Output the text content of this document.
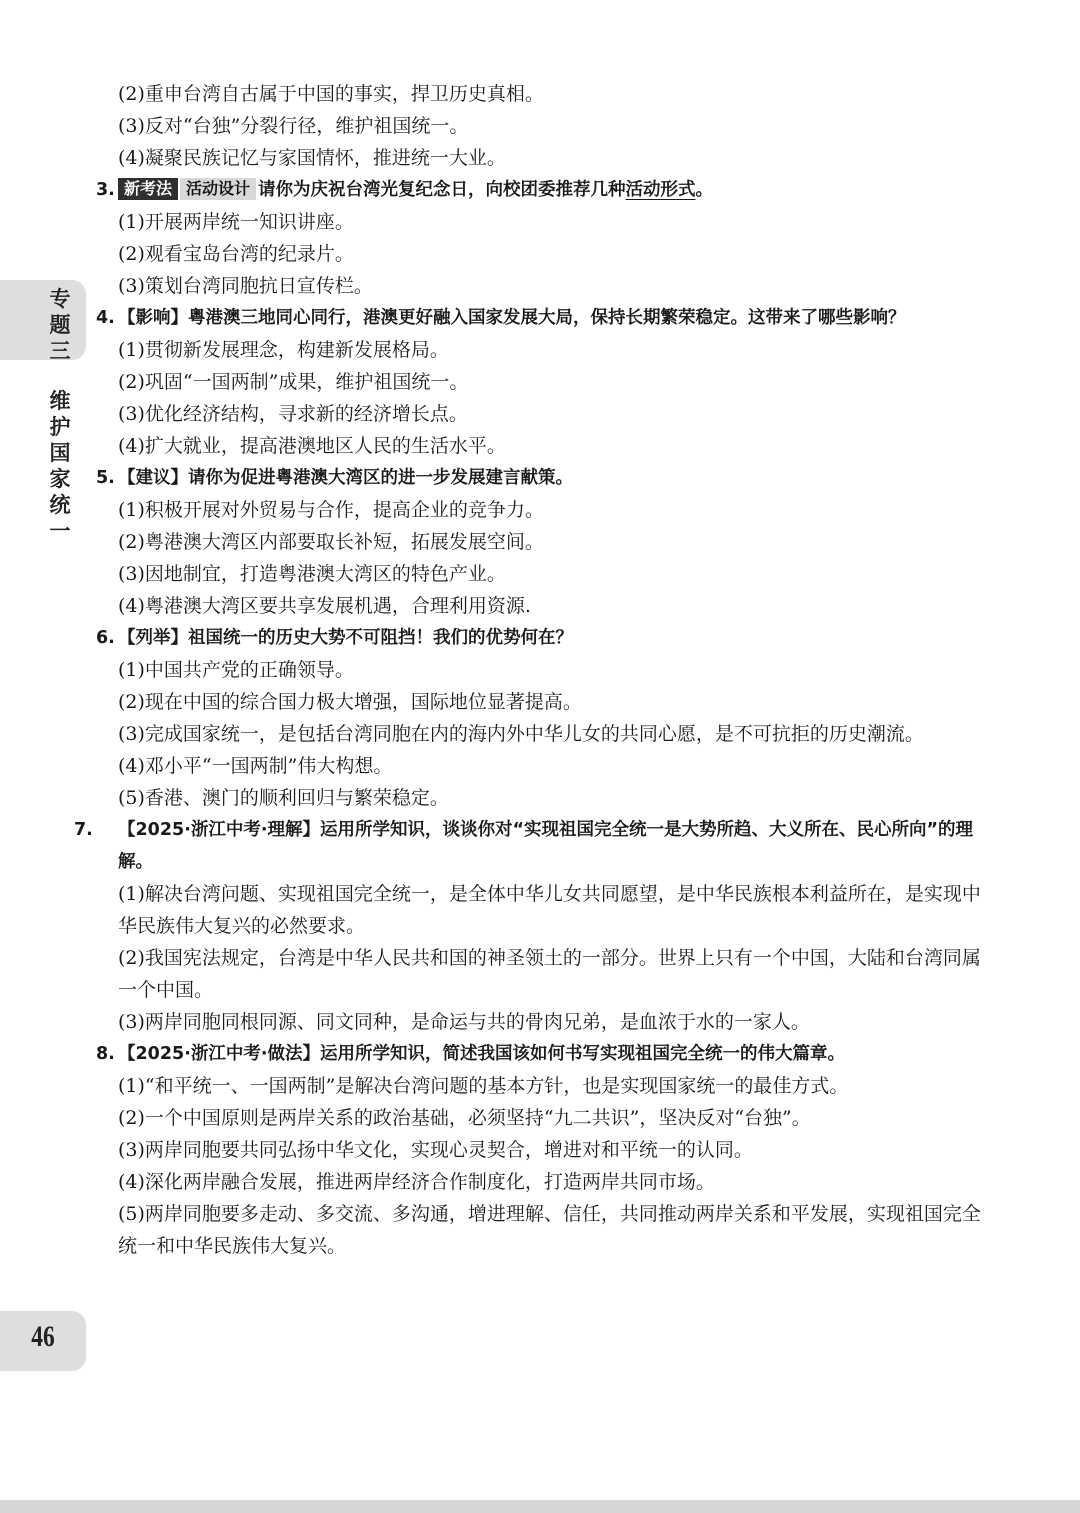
专题三
维护国家统一
46
(2)重申台湾自古属于中国的事实，捍卫历史真相。
(3)反对“台独”分裂行径，维护祖国统一。
(4)凝聚民族记忆与家国情怀，推进统一大业。
3. 新考法 活动设计 请你为庆祝台湾光复纪念日，向校团委推荐几种活动形式。
(1)开展两岸统一知识讲座。
(2)观看宝岛台湾的纪录片。
(3)策划台湾同胞抗日宣传栏。
4. 【影响】粤港澳三地同心同行，港澳更好融入国家发展大局，保持长期繁荣稳定。这带来了哪些影响？
(1)贯彻新发展理念，构建新发展格局。
(2)巩固“一国两制”成果，维护祖国统一。
(3)优化经济结构，寻求新的经济增长点。
(4)扩大就业，提高港澳地区人民的生活水平。
5. 【建议】请你为促进粤港澳大湾区的进一步发展建言献策。
(1)积极开展对外贸易与合作，提高企业的竞争力。
(2)粤港澳大湾区内部要取长补短，拓展发展空间。
(3)因地制宜，打造粤港澳大湾区的特色产业。
(4)粤港澳大湾区要共享发展机遇，合理利用资源.
6. 【列举】祖国统一的历史大势不可阻挡！我们的优势何在？
(1)中国共产党的正确领导。
(2)现在中国的综合国力极大增强，国际地位显著提高。
(3)完成国家统一，是包括台湾同胞在内的海内外中华儿女的共同心愿，是不可抗拒的历史潮流。
(4)邓小平“一国两制”伟大构想。
(5)香港、澳门的顺利回归与繁荣稳定。
7. 【2025·浙江中考·理解】运用所学知识，谈谈你对“实现祖国完全统一是大势所趋、大义所在、民心所向”的理解。
(1)解决台湾问题、实现祖国完全统一，是全体中华儿女共同愿望，是中华民族根本利益所在，是实现中华民族伟大复兴的必然要求。
(2)我国宪法规定，台湾是中华人民共和国的神圣领土的一部分。世界上只有一个中国，大陆和台湾同属一个中国。
(3)两岸同胞同根同源、同文同种，是命运与共的骨肉兄弟，是血浓于水的一家人。
8. 【2025·浙江中考·做法】运用所学知识，简述我国该如何书写实现祖国完全统一的伟大篇章。
(1)“和平统一、一国两制”是解决台湾问题的基本方针，也是实现国家统一的最佳方式。
(2)一个中国原则是两岸关系的政治基础，必须坚持“九二共识”，坚决反对“台独”。
(3)两岸同胞要共同弘扬中华文化，实现心灵契合，增进对和平统一的认同。
(4)深化两岸融合发展，推进两岸经济合作制度化，打造两岸共同市场。
(5)两岸同胞要多走动、多交流、多沟通，增进理解、信任，共同推动两岸关系和平发展，实现祖国完全统一和中华民族伟大复兴。
